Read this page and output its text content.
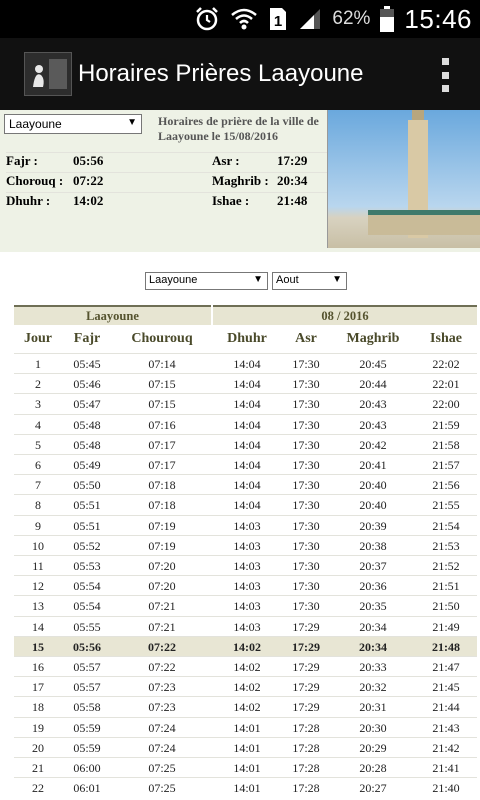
1	62% 15:46
Horaires Prières Laayoune
Laayoune	▼ Horaires de prière de la ville de Laayoune le 15/08/2016
Fajr :	05:56
Chorouq : 07:22
Dhuhr : 14:02
Asr :	17:29
Maghrib : 20:34
Ishae : 21:48
Laayoune	▼	Aout	▼
Laayoune	08 / 2016
Jour	Fajr	Chourouq	Dhuhr	Asr	Maghrib	Ishae
1	05:45	07:14	14:04	17:30	20:45	22:02
2	05:46	07:15	14:04	17:30	20:44	22:01
3	05:47	07:15	14:04	17:30	20:43	22:00
4	05:48	07:16	14:04	17:30	20:43	21:59
5	05:48	07:17	14:04	17:30	20:42	21:58
6	05:49	07:17	14:04	17:30	20:41	21:57
7	05:50	07:18	14:04	17:30	20:40	21:56
8	05:51	07:18	14:04	17:30	20:40	21:55
9	05:51	07:19	14:03	17:30	20:39	21:54
10	05:52	07:19	14:03	17:30	20:38	21:53
11	05:53	07:20	14:03	17:30	20:37	21:52
12	05:54	07:20	14:03	17:30	20:36	21:51
13	05:54	07:21	14:03	17:30	20:35	21:50
14	05:55	07:21	14:03	17:29	20:34	21:49
15	05:56	07:22	14:02	17:29	20:34	21:48
16	05:57	07:22	14:02	17:29	20:33	21:47
17	05:57	07:23	14:02	17:29	20:32	21:45
18	05:58	07:23	14:02	17:29	20:31	21:44
19	05:59	07:24	14:01	17:28	20:30	21:43
20	05:59	07:24	14:01	17:28	20:29	21:42
21	06:00	07:25	14:01	17:28	20:28	21:41
22	06:01	07:25	14:01	17:28	20:27	21:40
